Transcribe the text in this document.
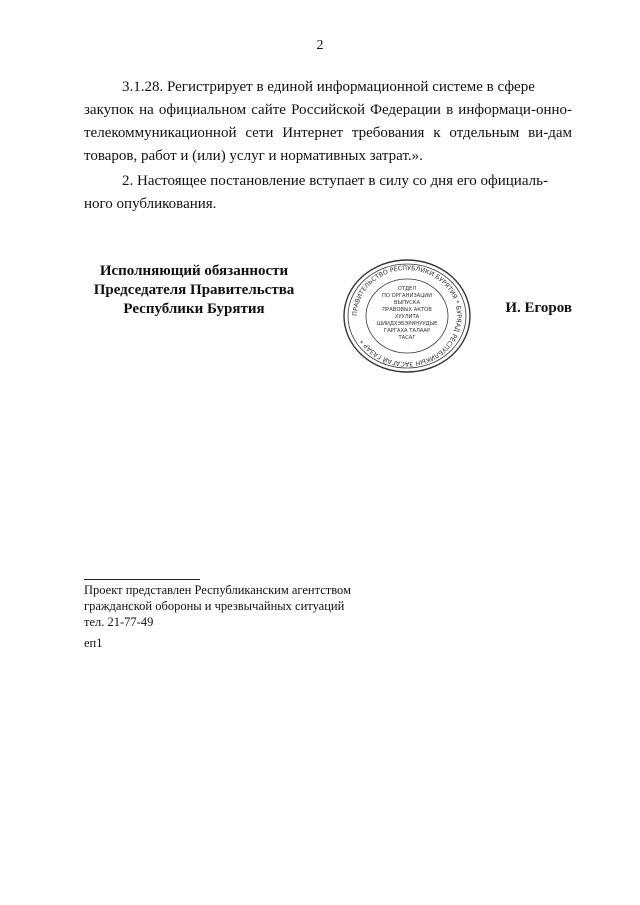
2
3.1.28. Регистрирует в единой информационной системе в сфере
закупок на официальном сайте Российской Федерации в информаци-онно-телекоммуникационной сети Интернет требования к отдельным ви-дам товаров, работ и (или) услуг и нормативных затрат.».
2. Настоящее постановление вступает в силу со дня его официаль-
ного опубликования.
Исполняющий обязанности
Председателя Правительства
Республики Бурятия	ПРАВИТЕЛЬСТВО РЕСПУБЛИКИ БУРЯТИЯ * БУРЯАД РЕСПУБЛИКЫН ЗАСАГАЙ ГАЗАР *
ОТДЕЛ
ПО ОРГАНИЗАЦИИ
ВЫПУСКА
ПРАВОВЫХ АКТОВ
ХУУЛИТА
ШИИДХЭБЭРИНУУДЫЕ
ГАРГАХА ТАЛААР
ТАСАГ
И. Егоров
Проект представлен Республиканским агентством
гражданской обороны и чрезвычайных ситуаций
тел. 21-77-49
еп1
